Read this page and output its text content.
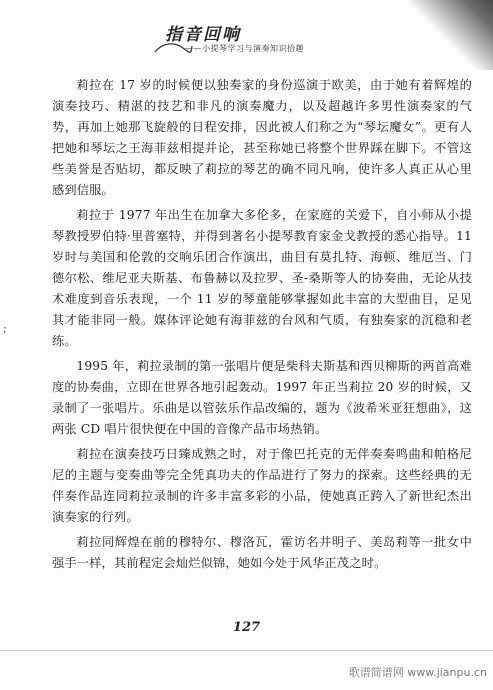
指音回响
——小提琴学习与演奏知识拾趣
;

莉拉在 17 岁的时候便以独奏家的身份巡演于欧美，由于她有着辉煌的演奏技巧、精湛的技艺和非凡的演奏魔力，以及超越许多男性演奏家的气势，再加上她那飞旋般的日程安排，因此被人们称之为“琴坛魔女”。更有人把她和琴坛之王海菲兹相提并论，甚至称她已将整个世界踩在脚下。不管这些美誉是否贴切，都反映了莉拉的琴艺的确不同凡响，使许多人真正从心里感到信服。

莉拉于 1977 年出生在加拿大多伦多，在家庭的关爱下，自小师从小提琴教授罗伯特·里普塞特，并得到著名小提琴教育家金戈教授的悉心指导。11 岁时与美国和伦敦的交响乐团合作演出，曲目有莫扎特、海顿、维厄当、门德尔松、维尼亚夫斯基、布鲁赫以及拉罗、圣-桑斯等人的协奏曲，无论从技术难度到音乐表现，一个 11 岁的琴童能够掌握如此丰富的大型曲目，足见其才能非同一般。媒体评论她有海菲兹的台风和气质，有独奏家的沉稳和老练。

1995 年，莉拉录制的第一张唱片便是柴科夫斯基和西贝柳斯的两首高难度的协奏曲，立即在世界各地引起轰动。1997 年正当莉拉 20 岁的时候，又录制了一张唱片。乐曲是以管弦乐作品改编的，题为《波希米亚狂想曲》，这两张 CD 唱片很快便在中国的音像产品市场热销。

莉拉在演奏技巧日臻成熟之时，对于像巴托克的无伴奏奏鸣曲和帕格尼尼的主题与变奏曲等完全凭真功夫的作品进行了努力的探索。这些经典的无伴奏作品连同莉拉录制的许多丰富多彩的小品，使她真正跨入了新世纪杰出演奏家的行列。

莉拉同辉煌在前的穆特尔、穆洛瓦，霍访名井明子、美岛莉等一批女中强手一样，其前程定会灿烂似锦，她如今处于风华正茂之时。

127
歌谱简谱网 www.jianpu.cn
